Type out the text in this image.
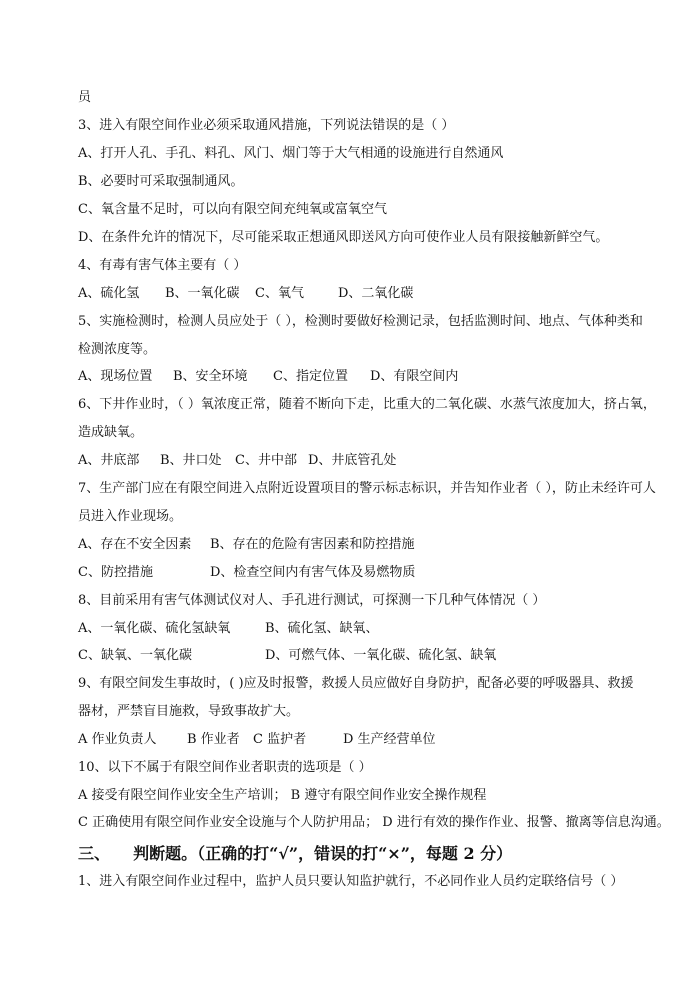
员
3、进入有限空间作业必须采取通风措施，下列说法错误的是（ ）
A、打开人孔、手孔、料孔、风门、烟门等于大气相通的设施进行自然通风
B、必要时可采取强制通风。
C、氧含量不足时，可以向有限空间充纯氧或富氧空气
D、在条件允许的情况下，尽可能采取正想通风即送风方向可使作业人员有限接触新鲜空气。
4、有毒有害气体主要有（ ）
A、硫化氢 B、一氧化碳 C、氧气	D、二氧化碳
5、实施检测时，检测人员应处于（ ），检测时要做好检测记录，包括监测时间、地点、气体种类和
检测浓度等。
A、现场位置 B、安全环境 C、指定位置 D、有限空间内
6、下井作业时，（ ）氧浓度正常，随着不断向下走，比重大的二氧化碳、水蒸气浓度加大，挤占氧，
造成缺氧。
A、井底部 B、井口处 C、井中部 D、井底管孔处
7、生产部门应在有限空间进入点附近设置项目的警示标志标识，并告知作业者（ ），防止未经许可人
员进入作业现场。
A、存在不安全因素 B、存在的危险有害因素和防控措施
C、防控措施	D、检查空间内有害气体及易燃物质
8、目前采用有害气体测试仪对人、手孔进行测试，可探测一下几种气体情况（ ）
A、一氧化碳、硫化氢缺氧	B、硫化氢、缺氧、
C、缺氧、一氧化碳	D、可燃气体、一氧化碳、硫化氢、缺氧
9、有限空间发生事故时，( )应及时报警，救援人员应做好自身防护，配备必要的呼吸器具、救援
器材，严禁盲目施救，导致事故扩大。
A 作业负责人 B 作业者 C 监护者	D 生产经营单位
10、以下不属于有限空间作业者职责的选项是（ ）
A 接受有限空间作业安全生产培训； B 遵守有限空间作业安全操作规程
C 正确使用有限空间作业安全设施与个人防护用品； D 进行有效的操作作业、报警、撤离等信息沟通。
三、 判断题。（正确的打“√”，错误的打“×”，每题 2 分）
1、进入有限空间作业过程中，监护人员只要认知监护就行，不必同作业人员约定联络信号（ ）
